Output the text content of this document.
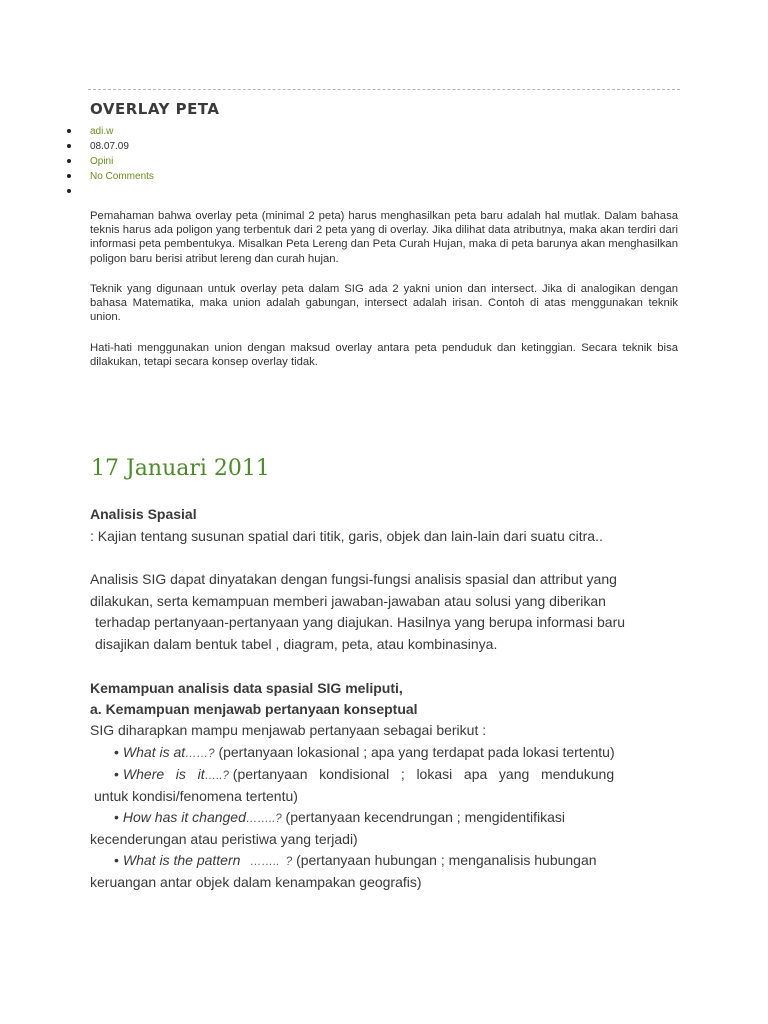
OVERLAY PETA
adi.w
08.07.09
Opini
No Comments

Pemahaman bahwa overlay peta (minimal 2 peta) harus menghasilkan peta baru adalah hal mutlak. Dalam bahasa teknis harus ada poligon yang terbentuk dari 2 peta yang di overlay. Jika dilihat data atributnya, maka akan terdiri dari informasi peta pembentukya. Misalkan Peta Lereng dan Peta Curah Hujan, maka di peta barunya akan menghasilkan poligon baru berisi atribut lereng dan curah hujan.

Teknik yang digunaan untuk overlay peta dalam SIG ada 2 yakni union dan intersect. Jika di analogikan dengan bahasa Matematika, maka union adalah gabungan, intersect adalah irisan. Contoh di atas menggunakan teknik union.

Hati-hati menggunakan union dengan maksud overlay antara peta penduduk dan ketinggian. Secara teknik bisa dilakukan, tetapi secara konsep overlay tidak.

17 Januari 2011

Analisis Spasial

: Kajian tentang susunan spatial dari titik, garis, objek dan lain-lain dari suatu citra..

Analisis SIG dapat dinyatakan dengan fungsi-fungsi analisis spasial dan attribut yang

dilakukan, serta kemampuan memberi jawaban-jawaban atau solusi yang diberikan

terhadap pertanyaan-pertanyaan yang diajukan. Hasilnya yang berupa informasi baru

disajikan dalam bentuk tabel , diagram, peta, atau kombinasinya.

Kemampuan analisis data spasial SIG meliputi,

a. Kemampuan menjawab pertanyaan konseptual

SIG diharapkan mampu menjawab pertanyaan sebagai berikut :

• What is at……? (pertanyaan lokasional ; apa yang terdapat pada lokasi tertentu)

• Where   is   it…..? (pertanyaan   kondisional   ;   lokasi   apa   yang   mendukung

untuk kondisi/fenomena tertentu)

• How has it changed……..? (pertanyaan kecendrungan ; mengidentifikasi

kecenderungan atau peristiwa yang terjadi)

• What is the pattern   ……..  ? (pertanyaan hubungan ; menganalisis hubungan

keruangan antar objek dalam kenampakan geografis)
